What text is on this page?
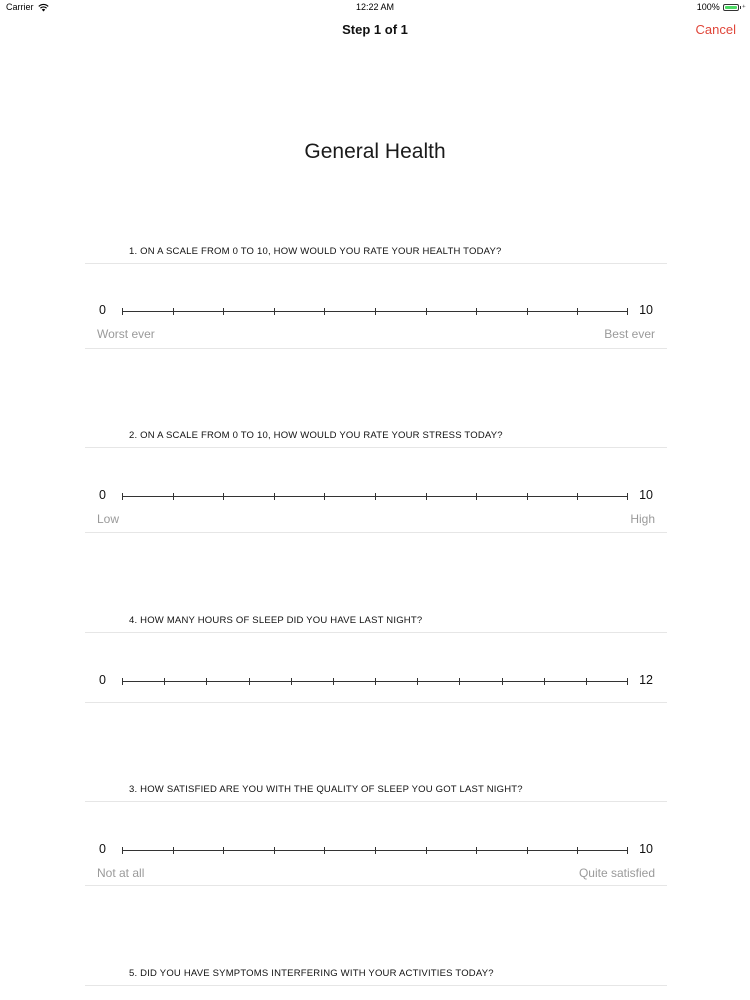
Carrier	12:22 AM	100%	⁺
Step 1 of 1	Cancel
General Health
1. ON A SCALE FROM 0 TO 10, HOW WOULD YOU RATE YOUR HEALTH TODAY?
0	10
Worst ever	Best ever
2. ON A SCALE FROM 0 TO 10, HOW WOULD YOU RATE YOUR STRESS TODAY?
0	10
Low	High
4. HOW MANY HOURS OF SLEEP DID YOU HAVE LAST NIGHT?
0	12
3. HOW SATISFIED ARE YOU WITH THE QUALITY OF SLEEP YOU GOT LAST NIGHT?
0	10
Not at all	Quite satisfied
5. DID YOU HAVE SYMPTOMS INTERFERING WITH YOUR ACTIVITIES TODAY?
